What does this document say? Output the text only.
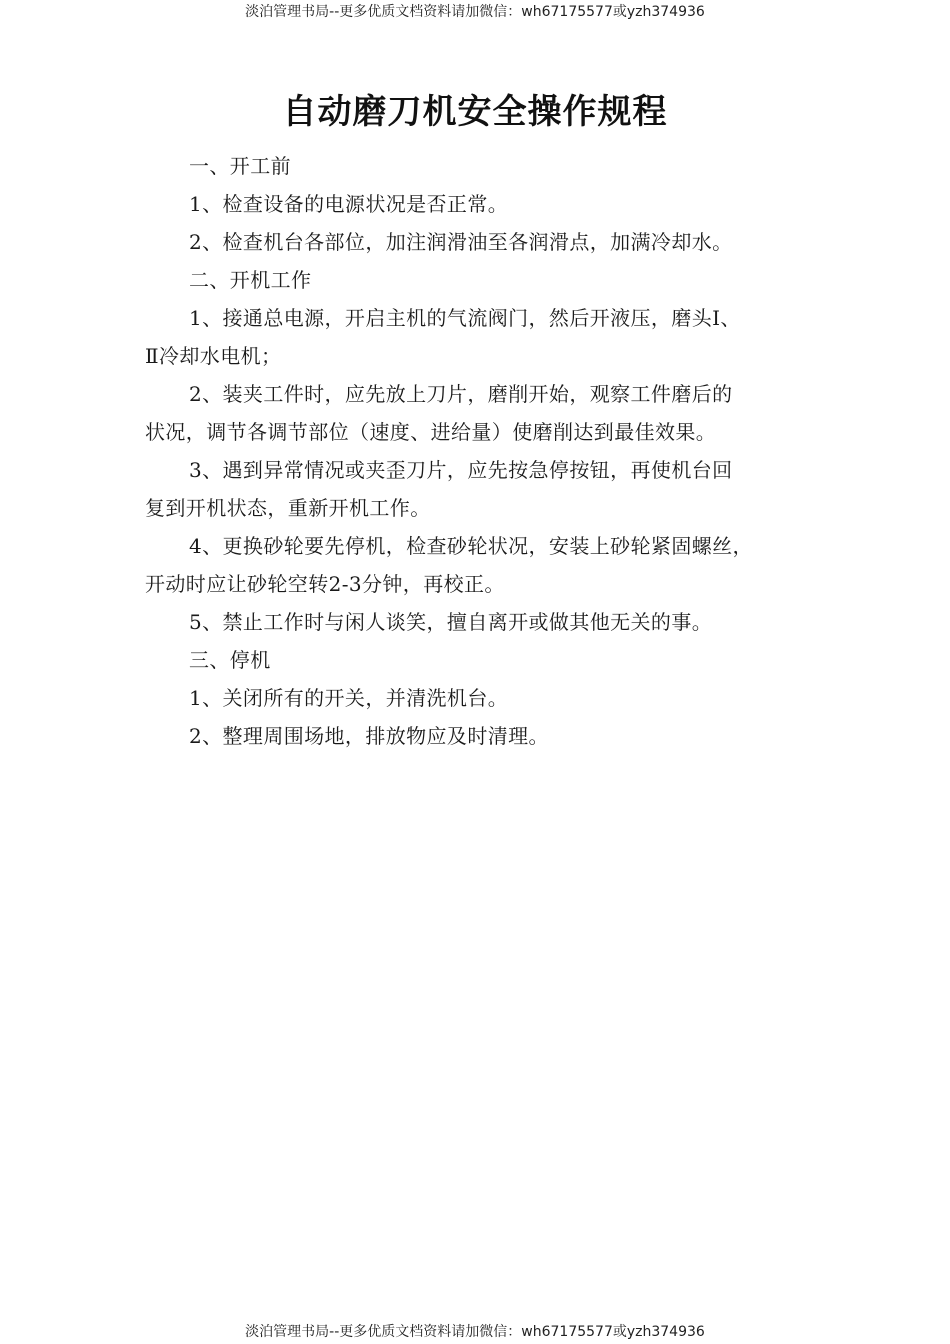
淡泊管理书局--更多优质文档资料请加微信：wh67175577或yzh374936
自动磨刀机安全操作规程
一、开工前
1、检查设备的电源状况是否正常。
2、检查机台各部位，加注润滑油至各润滑点，加满冷却水。
二、开机工作
1、接通总电源，开启主机的气流阀门，然后开液压，磨头Ⅰ、
Ⅱ冷却水电机；
2、装夹工件时，应先放上刀片，磨削开始，观察工件磨后的
状况，调节各调节部位（速度、进给量）使磨削达到最佳效果。
3、遇到异常情况或夹歪刀片，应先按急停按钮，再使机台回
复到开机状态，重新开机工作。
4、更换砂轮要先停机，检查砂轮状况，安装上砂轮紧固螺丝，
开动时应让砂轮空转2-3分钟，再校正。
5、禁止工作时与闲人谈笑，擅自离开或做其他无关的事。
三、停机
1、关闭所有的开关，并清洗机台。
2、整理周围场地，排放物应及时清理。
淡泊管理书局--更多优质文档资料请加微信：wh67175577或yzh374936
